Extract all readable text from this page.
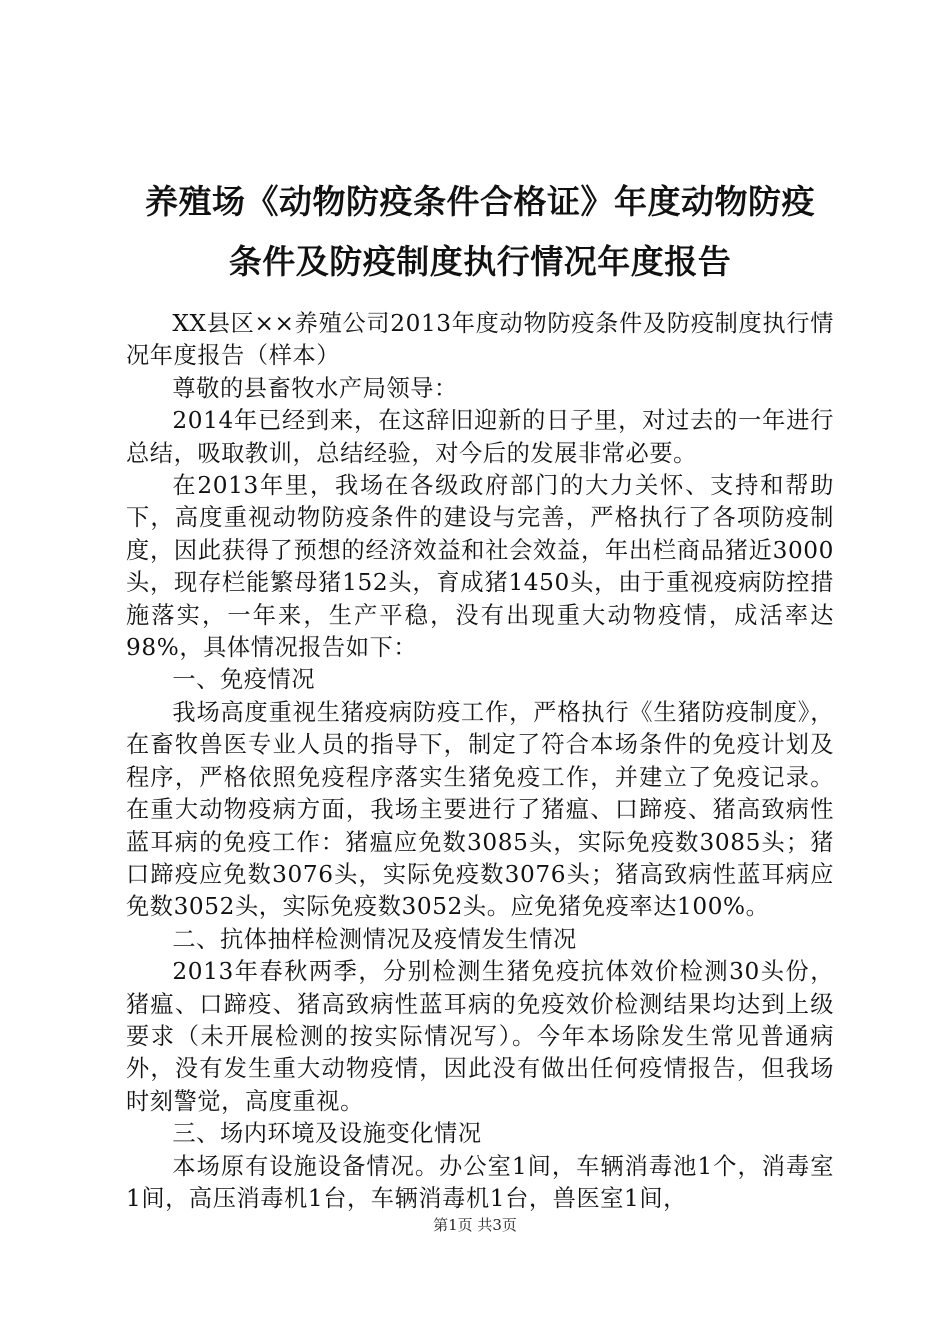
养殖场《动物防疫条件合格证》年度动物防疫
条件及防疫制度执行情况年度报告

XX县区××养殖公司2013年度动物防疫条件及防疫制度执行情况年度报告（样本）

尊敬的县畜牧水产局领导：

2014年已经到来，在这辞旧迎新的日子里，对过去的一年进行总结，吸取教训，总结经验，对今后的发展非常必要。

在2013年里，我场在各级政府部门的大力关怀、支持和帮助下，高度重视动物防疫条件的建设与完善，严格执行了各项防疫制度，因此获得了预想的经济效益和社会效益，年出栏商品猪近3000头，现存栏能繁母猪152头，育成猪1450头，由于重视疫病防控措施落实，一年来，生产平稳，没有出现重大动物疫情，成活率达98%，具体情况报告如下：

一、免疫情况

我场高度重视生猪疫病防疫工作，严格执行《生猪防疫制度》，在畜牧兽医专业人员的指导下，制定了符合本场条件的免疫计划及程序，严格依照免疫程序落实生猪免疫工作，并建立了免疫记录。在重大动物疫病方面，我场主要进行了猪瘟、口蹄疫、猪高致病性蓝耳病的免疫工作：猪瘟应免数3085头，实际免疫数3085头；猪口蹄疫应免数3076头，实际免疫数3076头；猪高致病性蓝耳病应免数3052头，实际免疫数3052头。应免猪免疫率达100%。

二、抗体抽样检测情况及疫情发生情况

2013年春秋两季，分别检测生猪免疫抗体效价检测30头份，猪瘟、口蹄疫、猪高致病性蓝耳病的免疫效价检测结果均达到上级要求（未开展检测的按实际情况写）。今年本场除发生常见普通病外，没有发生重大动物疫情，因此没有做出任何疫情报告，但我场时刻警觉，高度重视。

三、场内环境及设施变化情况

本场原有设施设备情况。办公室1间，车辆消毒池1个，消毒室1间，高压消毒机1台，车辆消毒机1台，兽医室1间，

第1页 共3页
